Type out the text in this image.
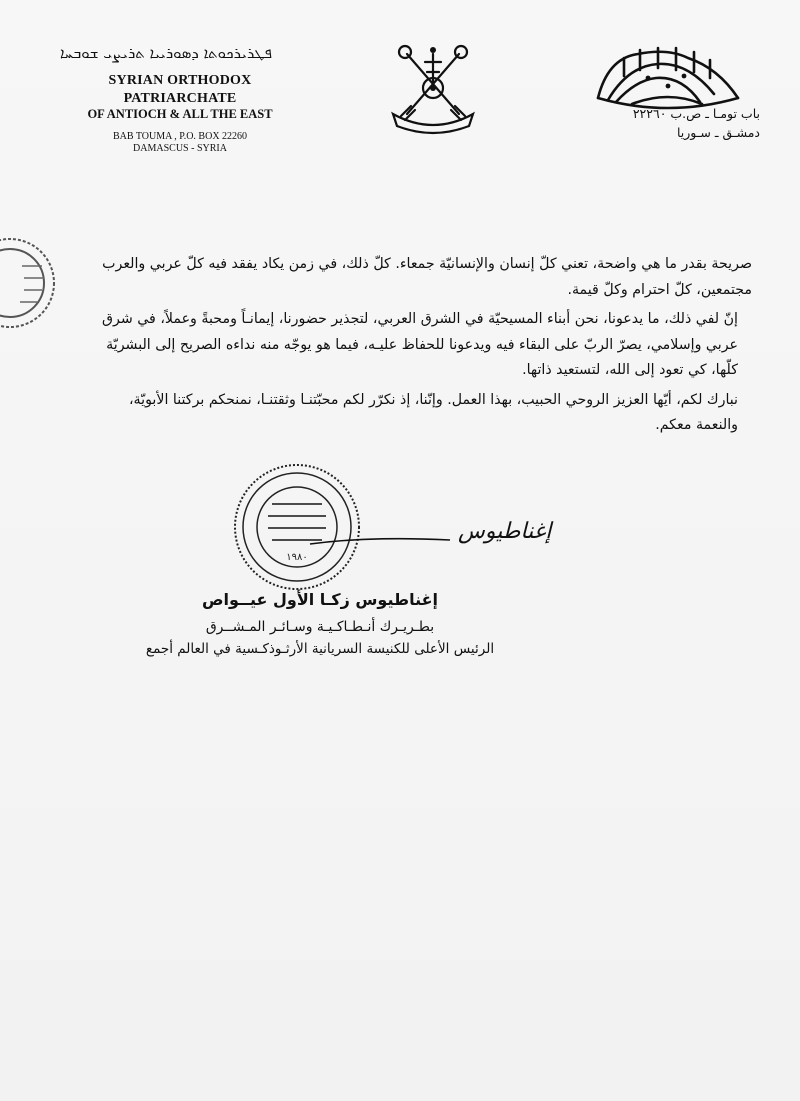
ܦܛܪܝܪܟܘܬܐ ܕܣܘܪܝܝܐ ܬܪܝܨܝ ܫܘܒܚܐ
SYRIAN ORTHODOX PATRIARCHATE
OF ANTIOCH & ALL THE EAST
BAB TOUMA , P.O. BOX 22260
DAMASCUS - SYRIA
باب تومـا ـ ص.ب ٢٢٢٦٠
دمشـق ـ سـوريا

صريحة بقدر ما هي واضحة، تعني كلّ إنسان والإنسانيّة جمعاء. كلّ ذلك، في زمن يكاد يفقد فيه كلّ عربي والعرب مجتمعين، كلّ احترام وكلّ قيمة.

إنّ لفي ذلك، ما يدعونا، نحن أبناء المسيحيّة في الشرق العربي، لتجذير حضورنا، إيمانـاً ومحبةً وعملاً، في شرق عربي وإسلامي، يصرّ الربّ على البقاء فيه ويدعونا للحفاظ عليـه، فيما هو يوجّه منه نداءه الصريح إلى البشريّة كلّها، كي تعود إلى الله، لتستعيد ذاتها.

نبارك لكم، أيّها العزيز الروحي الحبيب، بهذا العمل. وإنّنا، إذ نكرّر لكم محبّتنـا وثقتنـا، نمنحكم بركتنا الأبويّة، والنعمة معكم.

١٩٨٠
إغناطيوس
إغناطيوس زكـا الأول عيــواص
بطـريـرك أنـطـاكـيـة وسـائـر المـشــرق
الرئيس الأعلى للكنيسة السريانية الأرثـوذكـسية في العالم أجمع
